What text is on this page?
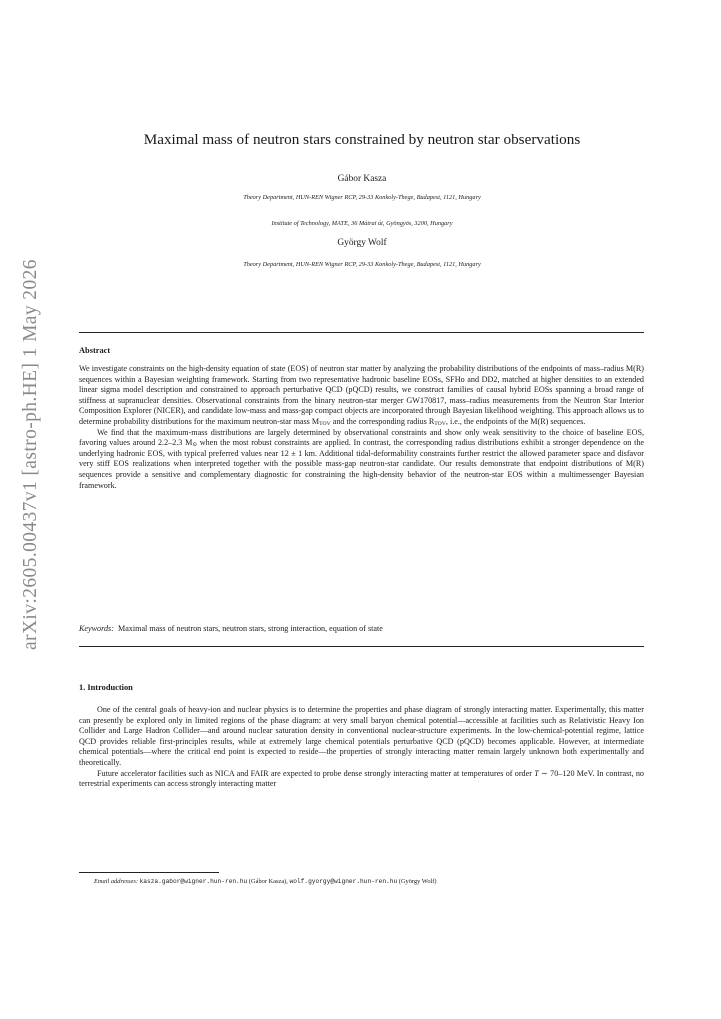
arXiv:2605.00437v1 [astro-ph.HE] 1 May 2026
Maximal mass of neutron stars constrained by neutron star observations
Gábor Kasza
Theory Department, HUN-REN Wigner RCP, 29-33 Konkoly-Thege, Budapest, 1121, Hungary
Institute of Technology, MATE, 36 Mátrai út, Gyöngyös, 3200, Hungary
György Wolf
Theory Department, HUN-REN Wigner RCP, 29-33 Konkoly-Thege, Budapest, 1121, Hungary
Abstract

We investigate constraints on the high-density equation of state (EOS) of neutron star matter by analyzing the probability distributions of the endpoints of mass–radius M(R) sequences within a Bayesian weighting framework. Starting from two representative hadronic baseline EOSs, SFHo and DD2, matched at higher densities to an extended linear sigma model description and constrained to approach perturbative QCD (pQCD) results, we construct families of causal hybrid EOSs spanning a broad range of stiffness at supranuclear densities. Observational constraints from the binary neutron-star merger GW170817, mass–radius measurements from the Neutron Star Interior Composition Explorer (NICER), and candidate low-mass and mass-gap compact objects are incorporated through Bayesian likelihood weighting. This approach allows us to determine probability distributions for the maximum neutron-star mass $M_{TOV}$ and the corresponding radius $R_{TOV}$, i.e., the endpoints of the M(R) sequences.

We find that the maximum-mass distributions are largely determined by observational constraints and show only weak sensitivity to the choice of baseline EOS, favoring values around 2.2–2.3 $M_⊙$ when the most robust constraints are applied. In contrast, the corresponding radius distributions exhibit a stronger dependence on the underlying hadronic EOS, with typical preferred values near 12 ± 1 km. Additional tidal-deformability constraints further restrict the allowed parameter space and disfavor very stiff EOS realizations when interpreted together with the possible mass-gap neutron-star candidate. Our results demonstrate that endpoint distributions of M(R) sequences provide a sensitive and complementary diagnostic for constraining the high-density behavior of the neutron-star EOS within a multimessenger Bayesian framework.

Keywords: Maximal mass of neutron stars, neutron stars, strong interaction, equation of state
1. Introduction

One of the central goals of heavy-ion and nuclear physics is to determine the properties and phase diagram of strongly interacting matter. Experimentally, this matter can presently be explored only in limited regions of the phase diagram: at very small baryon chemical potential—accessible at facilities such as Relativistic Heavy Ion Collider and Large Hadron Collider—and around nuclear saturation density in conventional nuclear-structure experiments. In the low-chemical-potential regime, lattice QCD provides reliable first-principles results, while at extremely large chemical potentials perturbative QCD (pQCD) becomes applicable. However, at intermediate chemical potentials—where the critical end point is expected to reside—the properties of strongly interacting matter remain largely unknown both experimentally and theoretically.

Future accelerator facilities such as NICA and FAIR are expected to probe dense strongly interacting matter at temperatures of order T ∼ 70–120 MeV. In contrast, no terrestrial experiments can access strongly interacting matter

Email addresses: kasza.gabor@wigner.hun-ren.hu (Gábor Kasza), wolf.gyorgy@wigner.hun-ren.hu (György Wolf)
